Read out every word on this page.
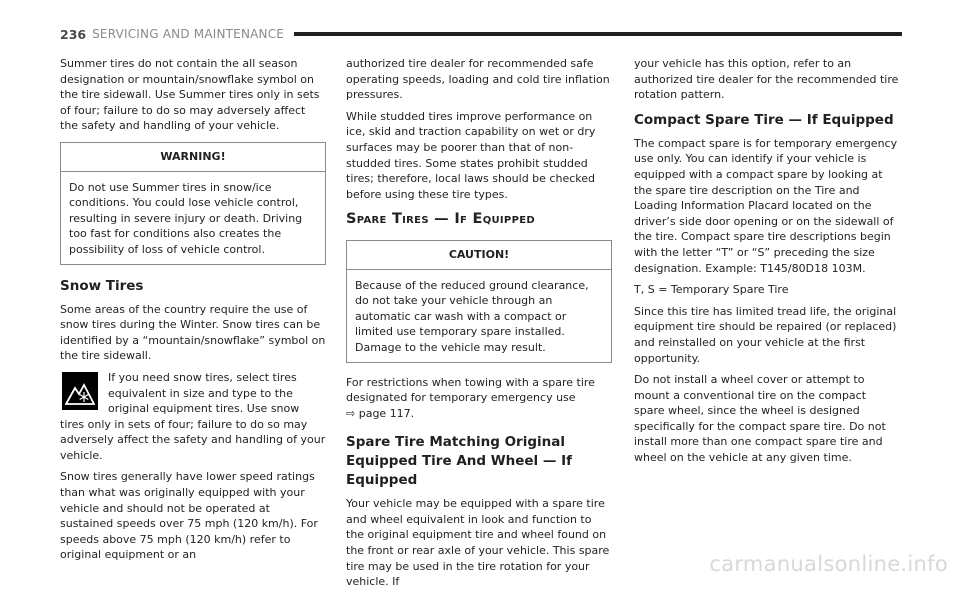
236 SERVICING AND MAINTENANCE

Summer tires do not contain the all season designation or mountain/snowflake symbol on the tire sidewall. Use Summer tires only in sets of four; failure to do so may adversely affect the safety and handling of your vehicle.

WARNING!

Do not use Summer tires in snow/ice conditions. You could lose vehicle control, resulting in severe injury or death. Driving too fast for conditions also creates the possibility of loss of vehicle control.

Snow Tires

Some areas of the country require the use of snow tires during the Winter. Snow tires can be identified by a “mountain/snowflake” symbol on the tire sidewall.

If you need snow tires, select tires equivalent in size and type to the original equipment tires. Use snow tires only in sets of four; failure to do so may adversely affect the safety and handling of your vehicle.

Snow tires generally have lower speed ratings than what was originally equipped with your vehicle and should not be operated at sustained speeds over 75 mph (120 km/h). For speeds above 75 mph (120 km/h) refer to original equipment or an

authorized tire dealer for recommended safe operating speeds, loading and cold tire inflation pressures.

While studded tires improve performance on ice, skid and traction capability on wet or dry surfaces may be poorer than that of non-studded tires. Some states prohibit studded tires; therefore, local laws should be checked before using these tire types.

Spare Tires — If Equipped
CAUTION!

Because of the reduced ground clearance, do not take your vehicle through an automatic car wash with a compact or limited use temporary spare installed. Damage to the vehicle may result.

For restrictions when towing with a spare tire designated for temporary emergency use
⇨ page 117.

Spare Tire Matching Original Equipped Tire And Wheel — If Equipped

Your vehicle may be equipped with a spare tire and wheel equivalent in look and function to the original equipment tire and wheel found on the front or rear axle of your vehicle. This spare tire may be used in the tire rotation for your vehicle. If

your vehicle has this option, refer to an authorized tire dealer for the recommended tire rotation pattern.

Compact Spare Tire — If Equipped

The compact spare is for temporary emergency use only. You can identify if your vehicle is equipped with a compact spare by looking at the spare tire description on the Tire and Loading Information Placard located on the driver’s side door opening or on the sidewall of the tire. Compact spare tire descriptions begin with the letter “T” or “S” preceding the size designation. Example: T145/80D18 103M.

T, S = Temporary Spare Tire

Since this tire has limited tread life, the original equipment tire should be repaired (or replaced) and reinstalled on your vehicle at the first opportunity.

Do not install a wheel cover or attempt to mount a conventional tire on the compact spare wheel, since the wheel is designed specifically for the compact spare tire. Do not install more than one compact spare tire and wheel on the vehicle at any given time.

carmanualsonline.info
